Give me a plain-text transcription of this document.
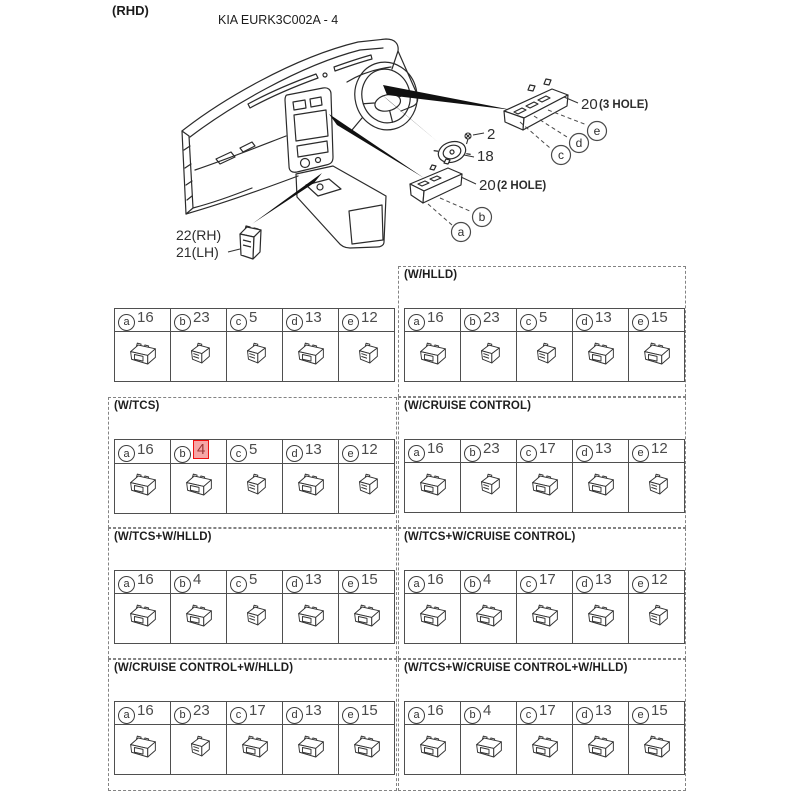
(RHD)
KIA EURK3C002A - 4
20 (3 HOLE)
2
18
20 (2 HOLE)
c
d
e
a
b
22(RH)
21(LH)
a 16	b 23	c 5	d 13	e 12

(W/HLLD)
a 16	b 23	c 5	d 13	e 15

(W/TCS)
a 16	b 4	c 5	d 13	e 12

(W/CRUISE CONTROL)
a 16	b 23	c 17	d 13	e 12

(W/TCS+W/HLLD)
a 16	b 4	c 5	d 13	e 15

(W/TCS+W/CRUISE CONTROL)
a 16	b 4	c 17	d 13	e 12

(W/CRUISE CONTROL+W/HLLD)
a 16	b 23	c 17	d 13	e 15

(W/TCS+W/CRUISE CONTROL+W/HLLD)
a 16	b 4	c 17	d 13	e 15
